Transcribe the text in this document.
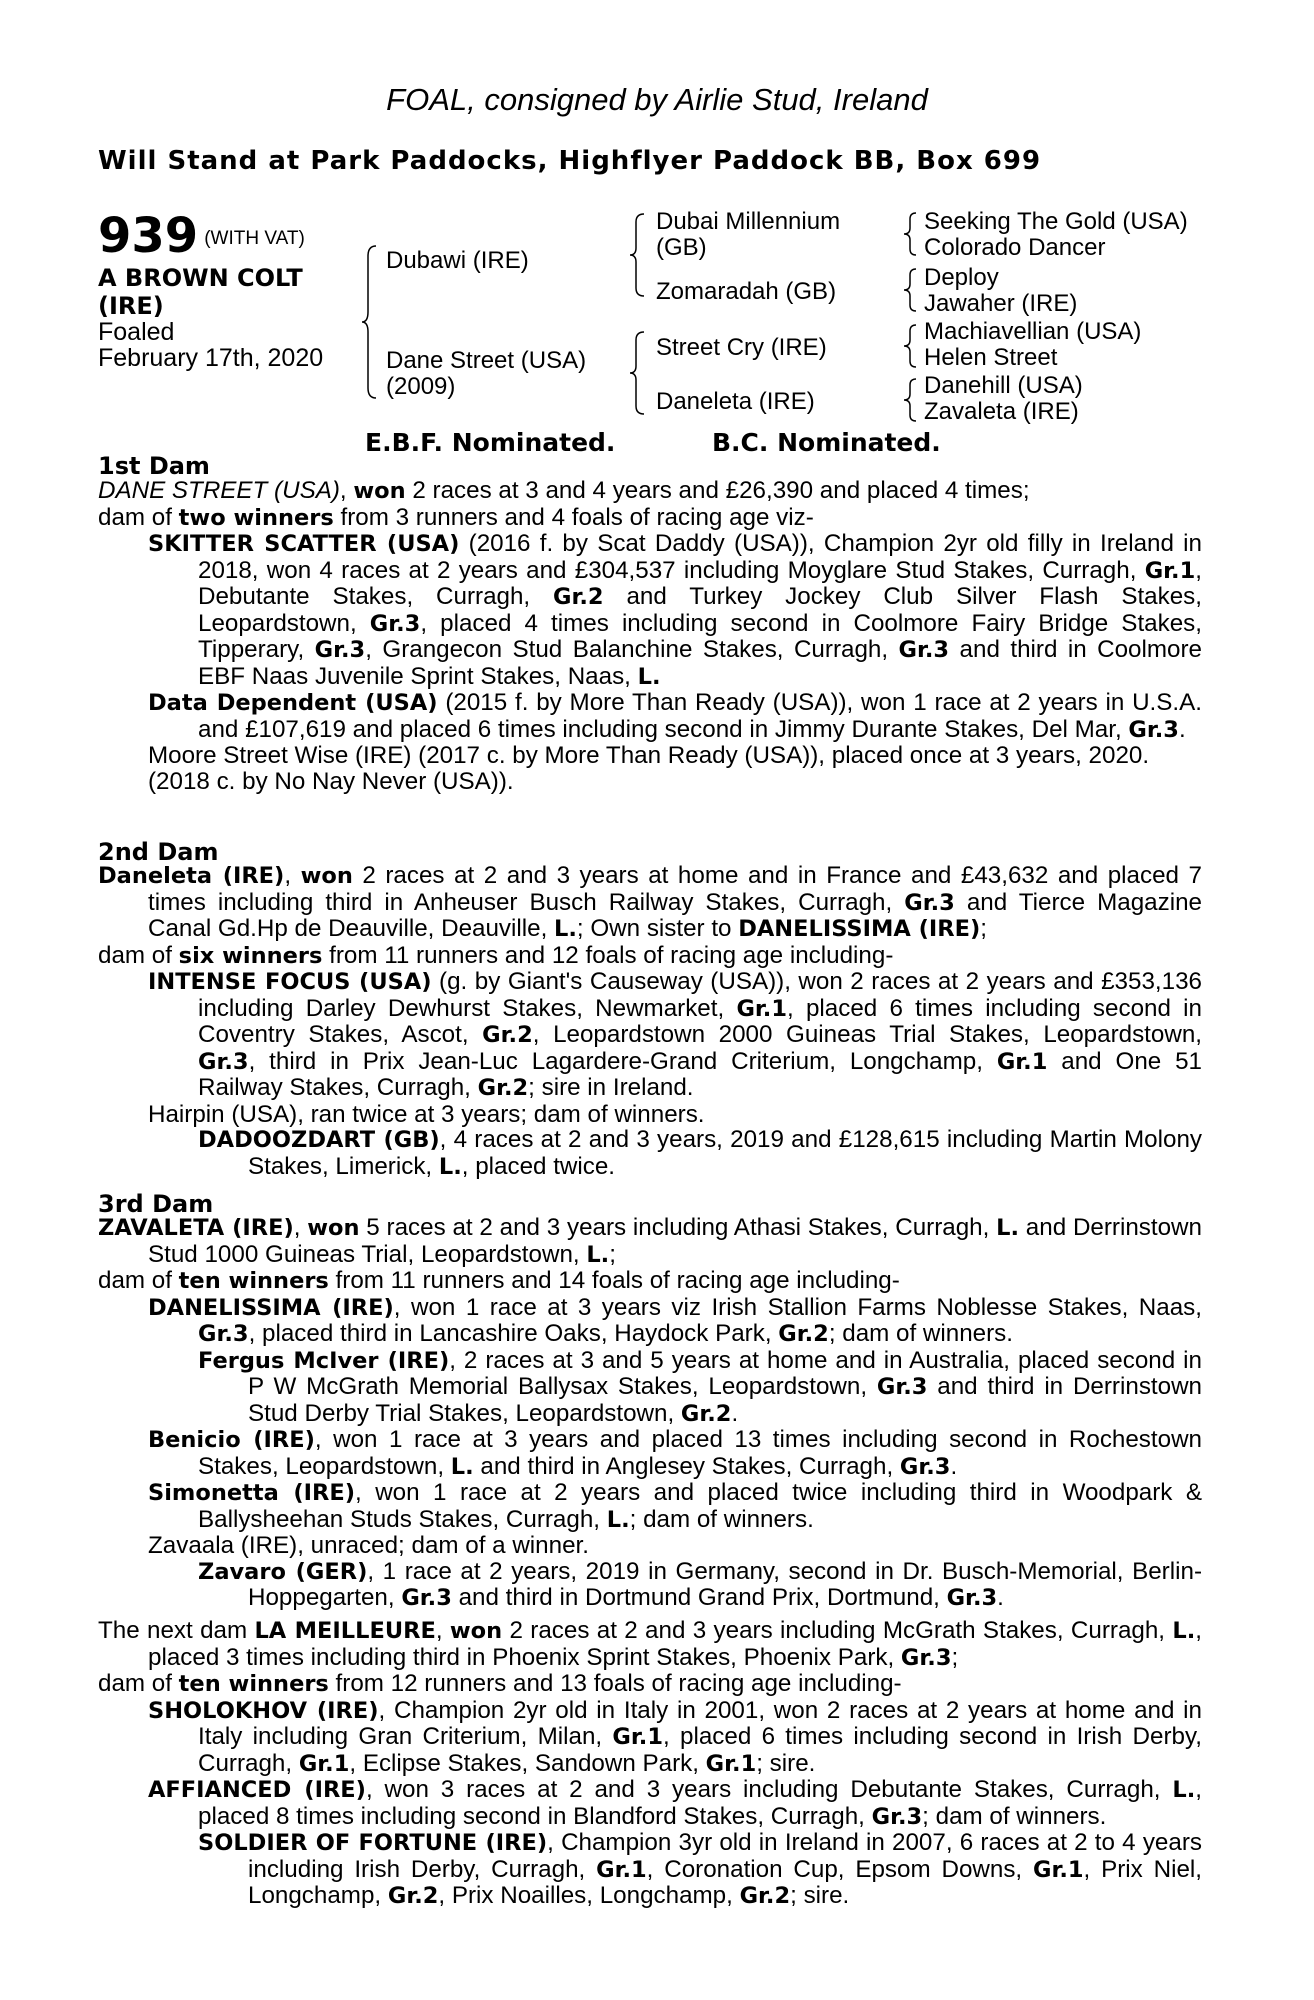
FOAL, consigned by Airlie Stud, Ireland
Will Stand at Park Paddocks, Highflyer Paddock BB, Box 699
939 (WITH VAT)
A BROWN COLT
(IRE)
Foaled
February 17th, 2020
Dubawi (IRE)
Dane Street (USA)
(2009)
Dubai Millennium
(GB)
Zomaradah (GB)
Street Cry (IRE)
Daneleta (IRE)
Seeking The Gold (USA)
Colorado Dancer
Deploy
Jawaher (IRE)
Machiavellian (USA)
Helen Street
Danehill (USA)
Zavaleta (IRE)
E.B.F. Nominated.	B.C. Nominated.
1st Dam

DANE STREET (USA), won 2 races at 3 and 4 years and £26,390 and placed 4 times;

dam of two winners from 3 runners and 4 foals of racing age viz-

SKITTER SCATTER (USA) (2016 f. by Scat Daddy (USA)), Champion 2yr old filly in Ireland in 2018, won 4 races at 2 years and £304,537 including Moyglare Stud Stakes, Curragh, Gr.1, Debutante Stakes, Curragh, Gr.2 and Turkey Jockey Club Silver Flash Stakes, Leopardstown, Gr.3, placed 4 times including second in Coolmore Fairy Bridge Stakes, Tipperary, Gr.3, Grangecon Stud Balanchine Stakes, Curragh, Gr.3 and third in Coolmore EBF Naas Juvenile Sprint Stakes, Naas, L.

Data Dependent (USA) (2015 f. by More Than Ready (USA)), won 1 race at 2 years in U.S.A. and £107,619 and placed 6 times including second in Jimmy Durante Stakes, Del Mar, Gr.3.

Moore Street Wise (IRE) (2017 c. by More Than Ready (USA)), placed once at 3 years, 2020.

(2018 c. by No Nay Never (USA)).

2nd Dam

Daneleta (IRE), won 2 races at 2 and 3 years at home and in France and £43,632 and placed 7 times including third in Anheuser Busch Railway Stakes, Curragh, Gr.3 and Tierce Magazine Canal Gd.Hp de Deauville, Deauville, L.; Own sister to DANELISSIMA (IRE);

dam of six winners from 11 runners and 12 foals of racing age including-

INTENSE FOCUS (USA) (g. by Giant's Causeway (USA)), won 2 races at 2 years and £353,136 including Darley Dewhurst Stakes, Newmarket, Gr.1, placed 6 times including second in Coventry Stakes, Ascot, Gr.2, Leopardstown 2000 Guineas Trial Stakes, Leopardstown, Gr.3, third in Prix Jean-Luc Lagardere-Grand Criterium, Longchamp, Gr.1 and One 51 Railway Stakes, Curragh, Gr.2; sire in Ireland.

Hairpin (USA), ran twice at 3 years; dam of winners.

DADOOZDART (GB), 4 races at 2 and 3 years, 2019 and £128,615 including Martin Molony Stakes, Limerick, L., placed twice.

3rd Dam

ZAVALETA (IRE), won 5 races at 2 and 3 years including Athasi Stakes, Curragh, L. and Derrinstown Stud 1000 Guineas Trial, Leopardstown, L.;

dam of ten winners from 11 runners and 14 foals of racing age including-

DANELISSIMA (IRE), won 1 race at 3 years viz Irish Stallion Farms Noblesse Stakes, Naas, Gr.3, placed third in Lancashire Oaks, Haydock Park, Gr.2; dam of winners.

Fergus McIver (IRE), 2 races at 3 and 5 years at home and in Australia, placed second in P W McGrath Memorial Ballysax Stakes, Leopardstown, Gr.3 and third in Derrinstown Stud Derby Trial Stakes, Leopardstown, Gr.2.

Benicio (IRE), won 1 race at 3 years and placed 13 times including second in Rochestown Stakes, Leopardstown, L. and third in Anglesey Stakes, Curragh, Gr.3.

Simonetta (IRE), won 1 race at 2 years and placed twice including third in Woodpark & Ballysheehan Studs Stakes, Curragh, L.; dam of winners.

Zavaala (IRE), unraced; dam of a winner.

Zavaro (GER), 1 race at 2 years, 2019 in Germany, second in Dr. Busch-Memorial, Berlin-Hoppegarten, Gr.3 and third in Dortmund Grand Prix, Dortmund, Gr.3.

The next dam LA MEILLEURE, won 2 races at 2 and 3 years including McGrath Stakes, Curragh, L., placed 3 times including third in Phoenix Sprint Stakes, Phoenix Park, Gr.3;

dam of ten winners from 12 runners and 13 foals of racing age including-

SHOLOKHOV (IRE), Champion 2yr old in Italy in 2001, won 2 races at 2 years at home and in Italy including Gran Criterium, Milan, Gr.1, placed 6 times including second in Irish Derby, Curragh, Gr.1, Eclipse Stakes, Sandown Park, Gr.1; sire.

AFFIANCED (IRE), won 3 races at 2 and 3 years including Debutante Stakes, Curragh, L., placed 8 times including second in Blandford Stakes, Curragh, Gr.3; dam of winners.

SOLDIER OF FORTUNE (IRE), Champion 3yr old in Ireland in 2007, 6 races at 2 to 4 years including Irish Derby, Curragh, Gr.1, Coronation Cup, Epsom Downs, Gr.1, Prix Niel, Longchamp, Gr.2, Prix Noailles, Longchamp, Gr.2; sire.
